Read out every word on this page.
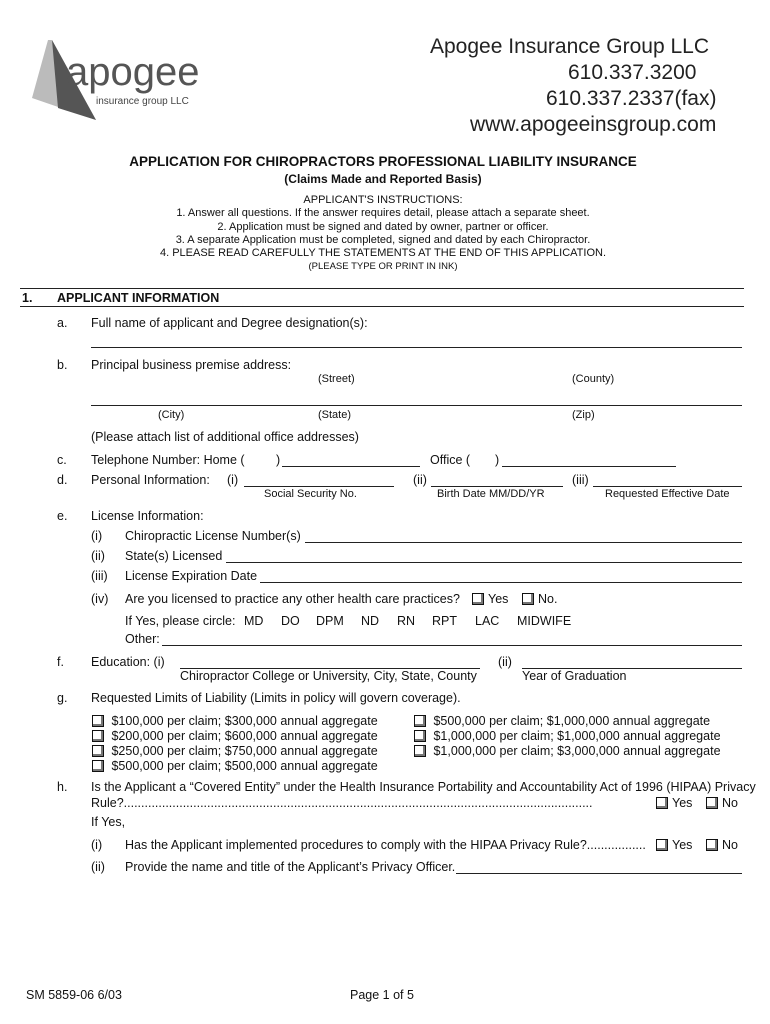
apogee
insurance group LLC
Apogee Insurance Group LLC
610.337.3200
610.337.2337(fax)
www.apogeeinsgroup.com
APPLICATION FOR CHIROPRACTORS PROFESSIONAL LIABILITY INSURANCE
(Claims Made and Reported Basis)
APPLICANT'S INSTRUCTIONS:
1. Answer all questions. If the answer requires detail, please attach a separate sheet.
2. Application must be signed and dated by owner, partner or officer.
3. A separate Application must be completed, signed and dated by each Chiropractor.
4. PLEASE READ CAREFULLY THE STATEMENTS AT THE END OF THIS APPLICATION.
(PLEASE TYPE OR PRINT IN INK)
1. APPLICANT INFORMATION
a. Full name of applicant and Degree designation(s):
b. Principal business premise address:
(Street)	(County)
(City)	(State)	(Zip)
(Please attach list of additional office addresses)
c. Telephone Number: Home (	)	Office ( )
d. Personal Information: (i)	(ii)	(iii)
Social Security No.	Birth Date MM/DD/YR	Requested Effective Date
e. License Information:
(i) Chiropractic License Number(s)
(ii) State(s) Licensed
(iii) License Expiration Date
(iv) Are you licensed to practice any other health care practices?	Yes	No.
If Yes, please circle: MD DO DPM ND RN RPT LAC MIDWIFE
Other:
f. Education: (i)	(ii)
Chiropractor College or University, City, State, County	Year of Graduation
g. Requested Limits of Liability (Limits in policy will govern coverage).
$100,000 per claim; $300,000 annual aggregate
$200,000 per claim; $600,000 annual aggregate
$250,000 per claim; $750,000 annual aggregate
$500,000 per claim; $500,000 annual aggregate
$500,000 per claim; $1,000,000 annual aggregate
$1,000,000 per claim; $1,000,000 annual aggregate
$1,000,000 per claim; $3,000,000 annual aggregate
h. Is the Applicant a “Covered Entity” under the Health Insurance Portability and Accountability Act of 1996 (HIPAA) Privacy
Rule?.......................................................................................................................................	Yes	No
If Yes,
(i) Has the Applicant implemented procedures to comply with the HIPAA Privacy Rule?.................	Yes	No
(ii) Provide the name and title of the Applicant’s Privacy Officer.
SM 5859-06 6/03	Page 1 of 5
